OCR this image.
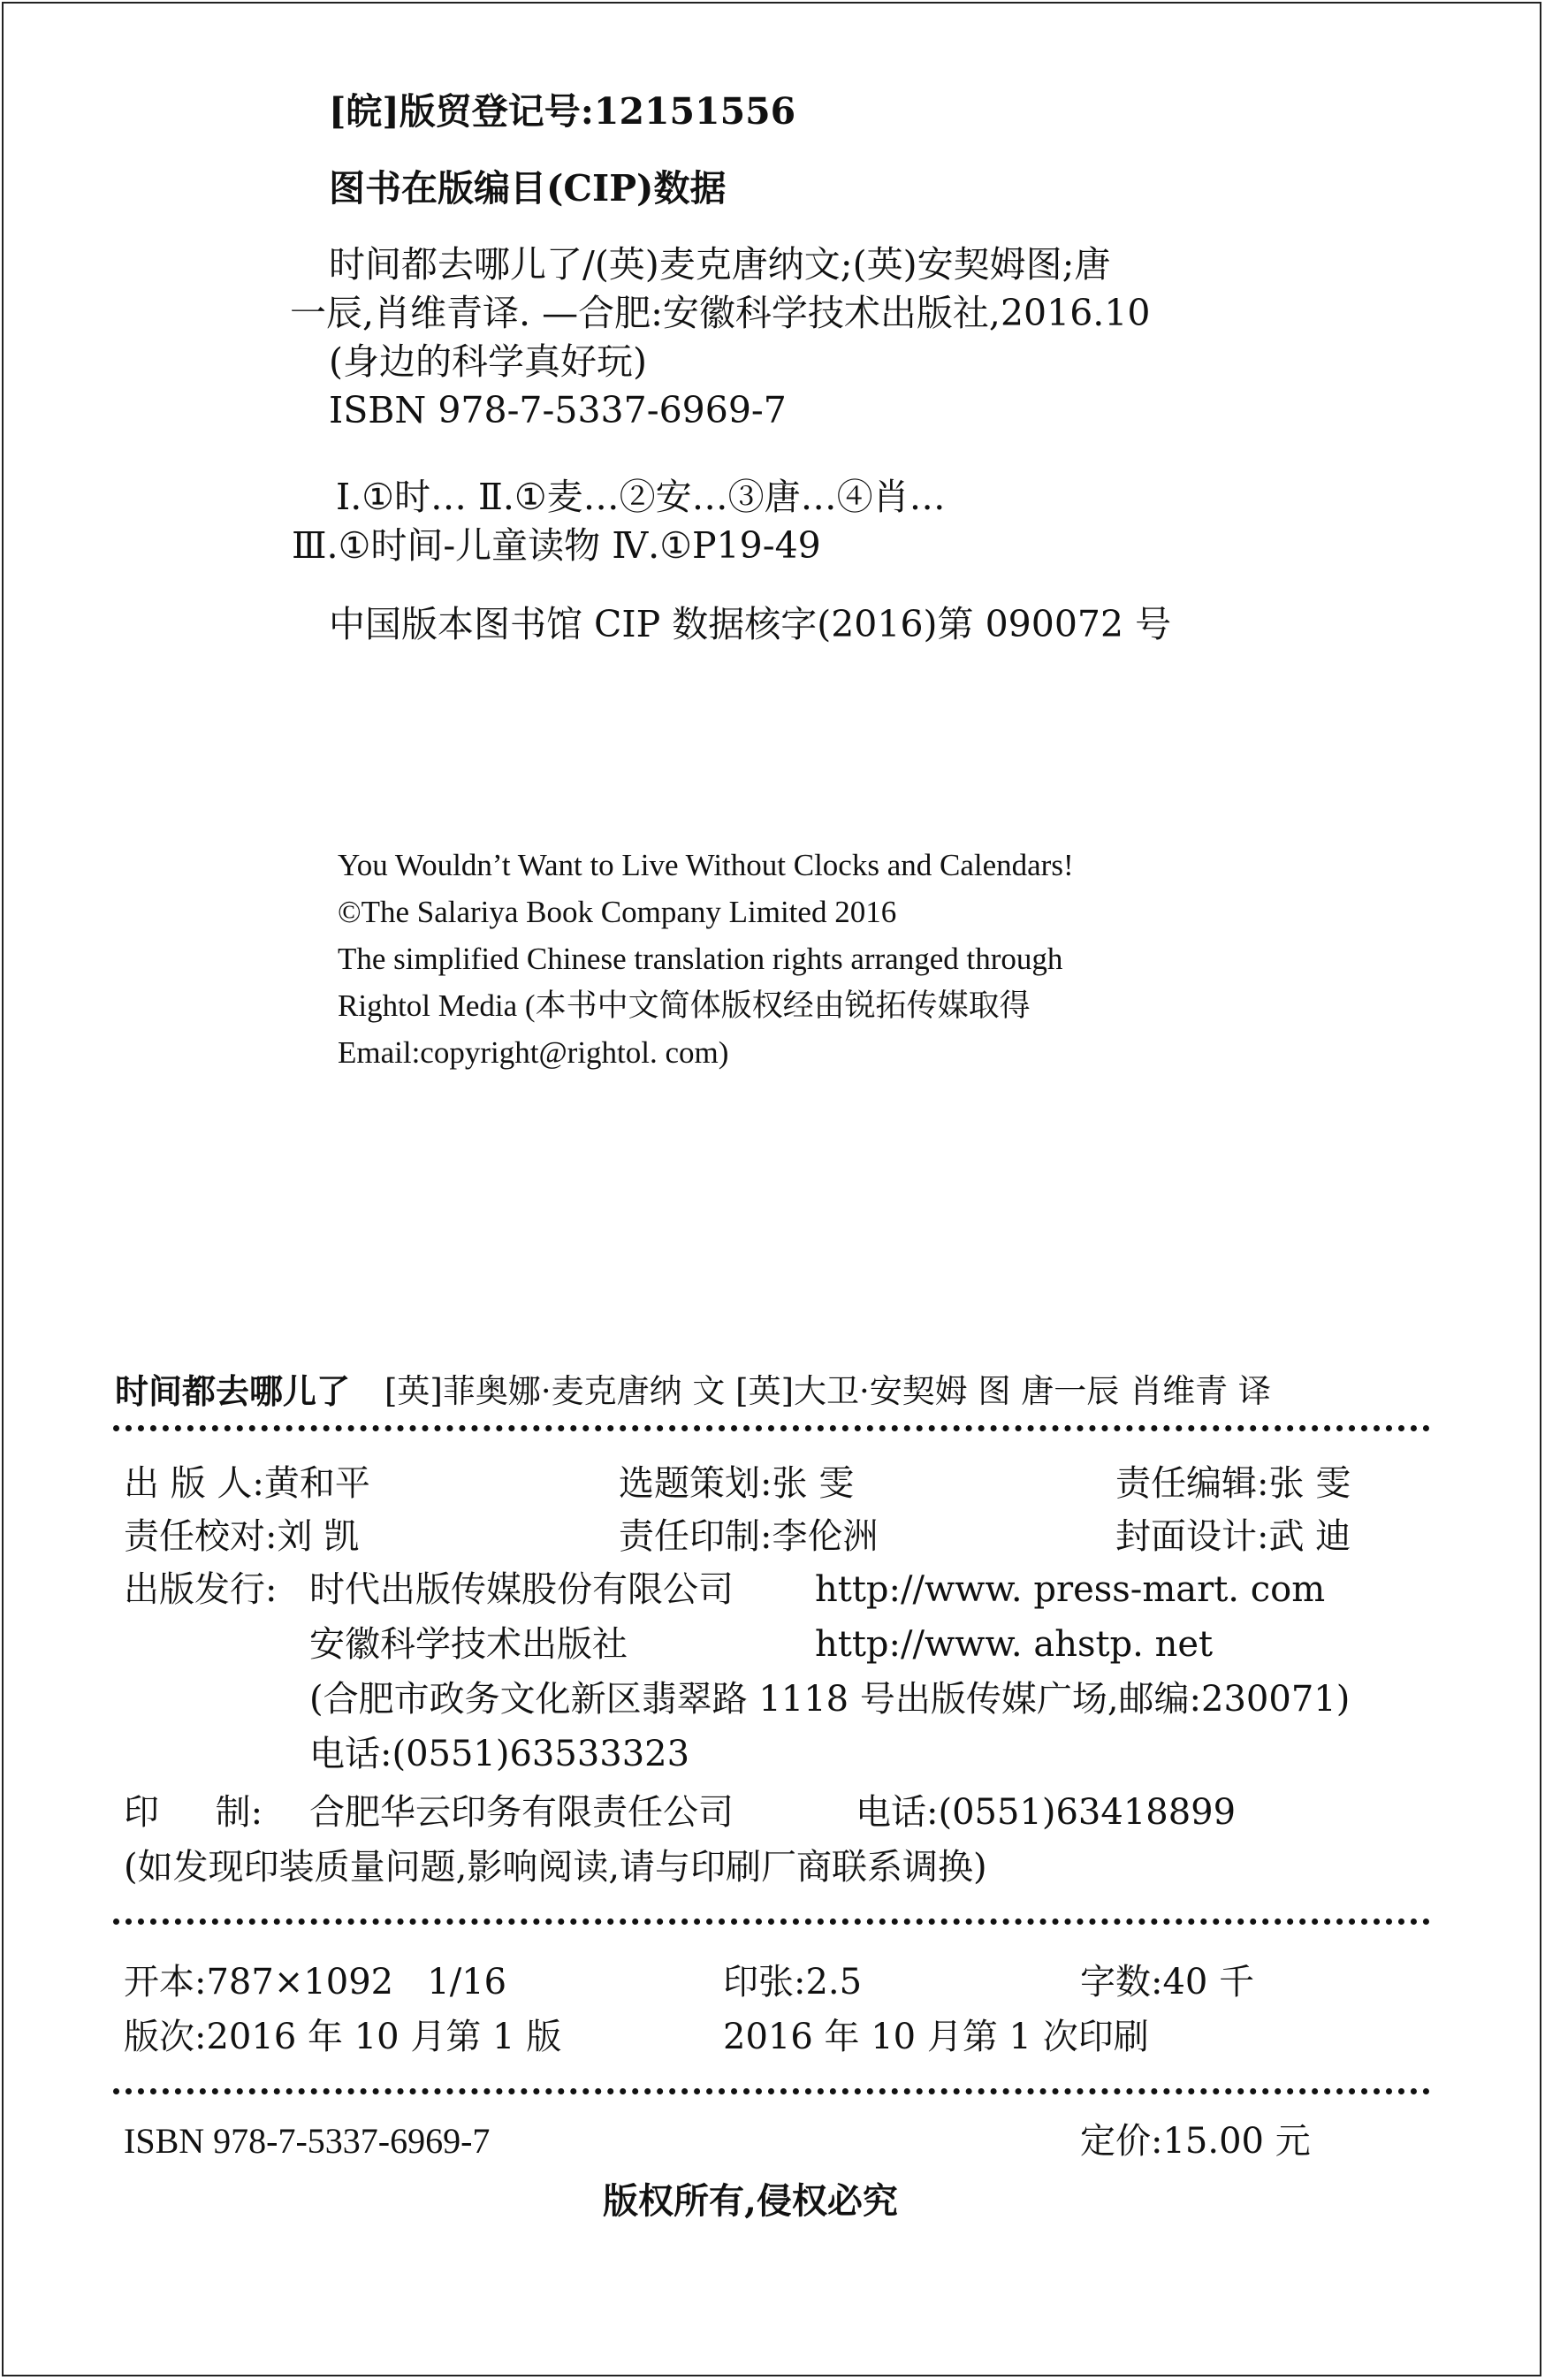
[皖]版贸登记号:12151556
图书在版编目(CIP)数据
时间都去哪儿了/(英)麦克唐纳文;(英)安契姆图;唐
一辰,肖维青译. —合肥:安徽科学技术出版社,2016.10
(身边的科学真好玩)
ISBN 978-7-5337-6969-7
Ⅰ.①时… Ⅱ.①麦…②安…③唐…④肖…
Ⅲ.①时间-儿童读物 Ⅳ.①P19-49
中国版本图书馆 CIP 数据核字(2016)第 090072 号
You Wouldn’t Want to Live Without Clocks and Calendars!
©The Salariya Book Company Limited 2016
The simplified Chinese translation rights arranged through
Rightol Media (本书中文简体版权经由锐拓传媒取得
Email:copyright@rightol. com)
时间都去哪儿了 [英]菲奥娜·麦克唐纳 文 [英]大卫·安契姆 图 唐一辰 肖维青 译
出 版 人:黄和平	选题策划:张 雯	责任编辑:张 雯
责任校对:刘 凯	责任印制:李伦洲	封面设计:武 迪
出版发行: 时代出版传媒股份有限公司 http://www. press-mart. com
安徽科学技术出版社	http://www. ahstp. net
(合肥市政务文化新区翡翠路 1118 号出版传媒广场,邮编:230071)
电话:(0551)63533323
印     制: 合肥华云印务有限责任公司	电话:(0551)63418899
(如发现印装质量问题,影响阅读,请与印刷厂商联系调换)
开本:787×1092   1/16	印张:2.5	字数:40 千
版次:2016 年 10 月第 1 版	2016 年 10 月第 1 次印刷
ISBN 978-7-5337-6969-7	定价:15.00 元
版权所有,侵权必究
